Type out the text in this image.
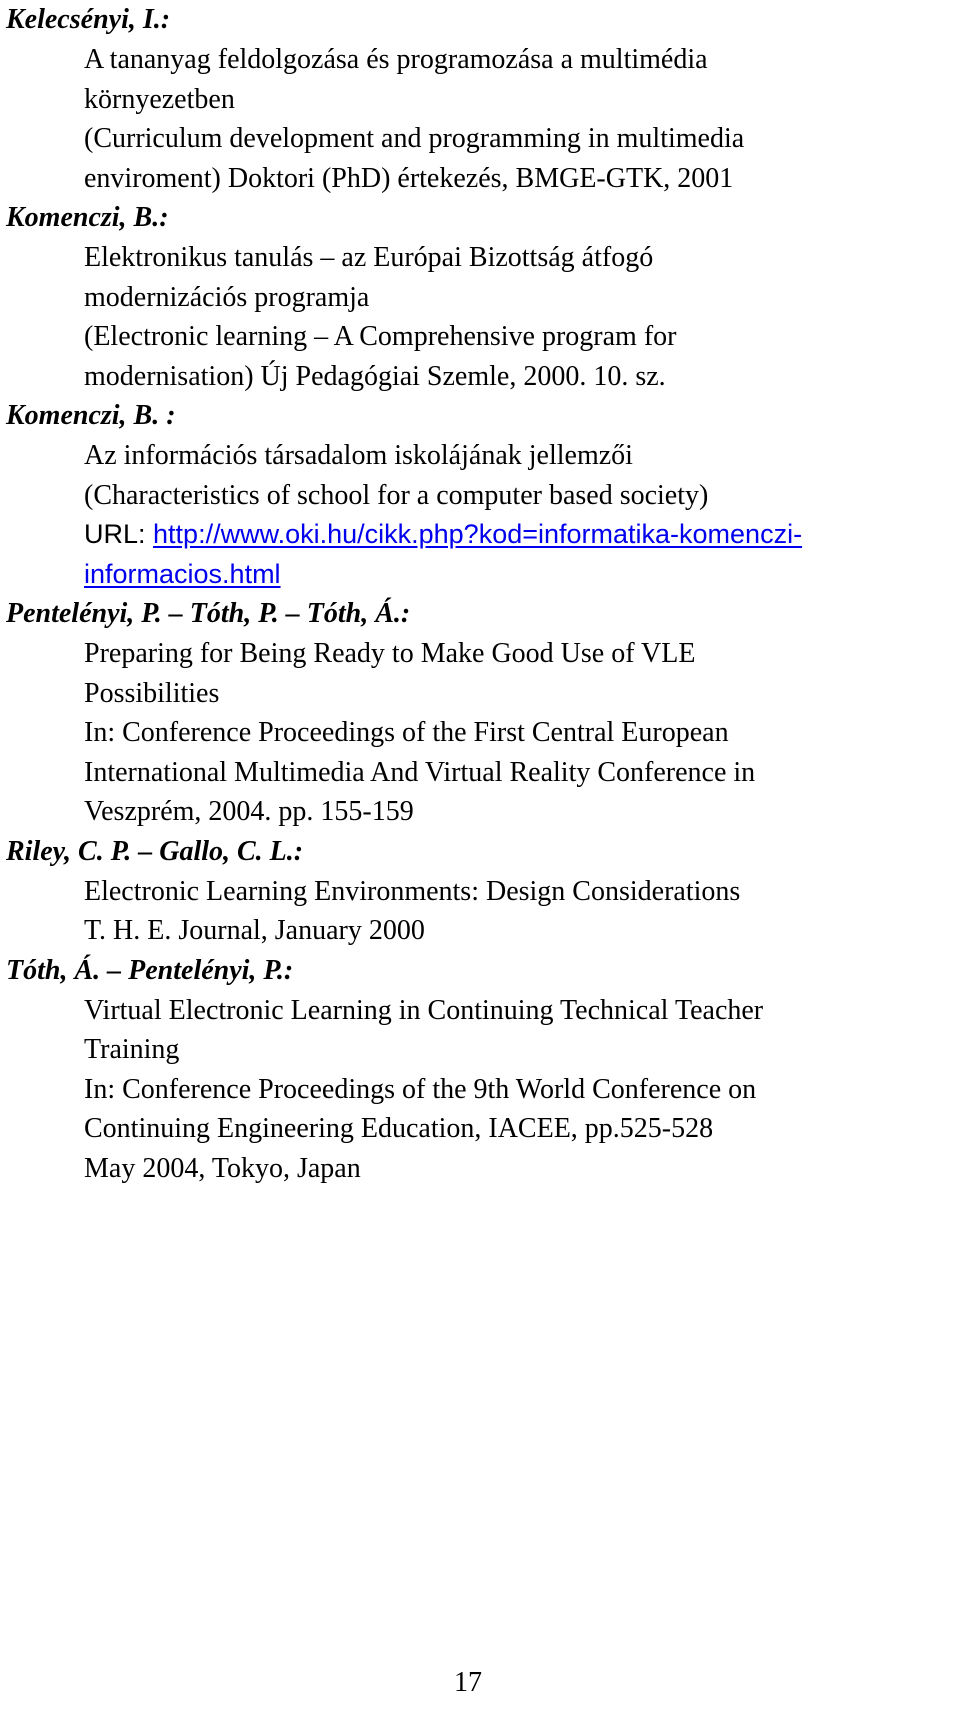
Kelecsényi, I.:

A tananyag feldolgozása és programozása a multimédia
környezetben
(Curriculum development and programming in multimedia
enviroment) Doktori (PhD) értekezés, BMGE-GTK, 2001

Komenczi, B.:

Elektronikus tanulás – az Európai Bizottság átfogó
modernizációs programja
(Electronic learning – A Comprehensive program for
modernisation) Új Pedagógiai Szemle, 2000. 10. sz.

Komenczi, B. :

Az információs társadalom iskolájának jellemzői
(Characteristics of school for a computer based society)
URL: http://www.oki.hu/cikk.php?kod=informatika-komenczi-
informacios.html

Pentelényi, P. – Tóth, P. – Tóth, Á.:

Preparing for Being Ready to Make Good Use of VLE
Possibilities
In: Conference Proceedings of the First Central European
International Multimedia And Virtual Reality Conference in
Veszprém, 2004. pp. 155-159

Riley, C. P. – Gallo, C. L.:

Electronic Learning Environments: Design Considerations
T. H. E. Journal, January 2000

Tóth, Á. – Pentelényi, P.:

Virtual Electronic Learning in Continuing Technical Teacher
Training
In: Conference Proceedings of the 9th World Conference on
Continuing Engineering Education, IACEE, pp.525-528
May 2004, Tokyo, Japan
17
